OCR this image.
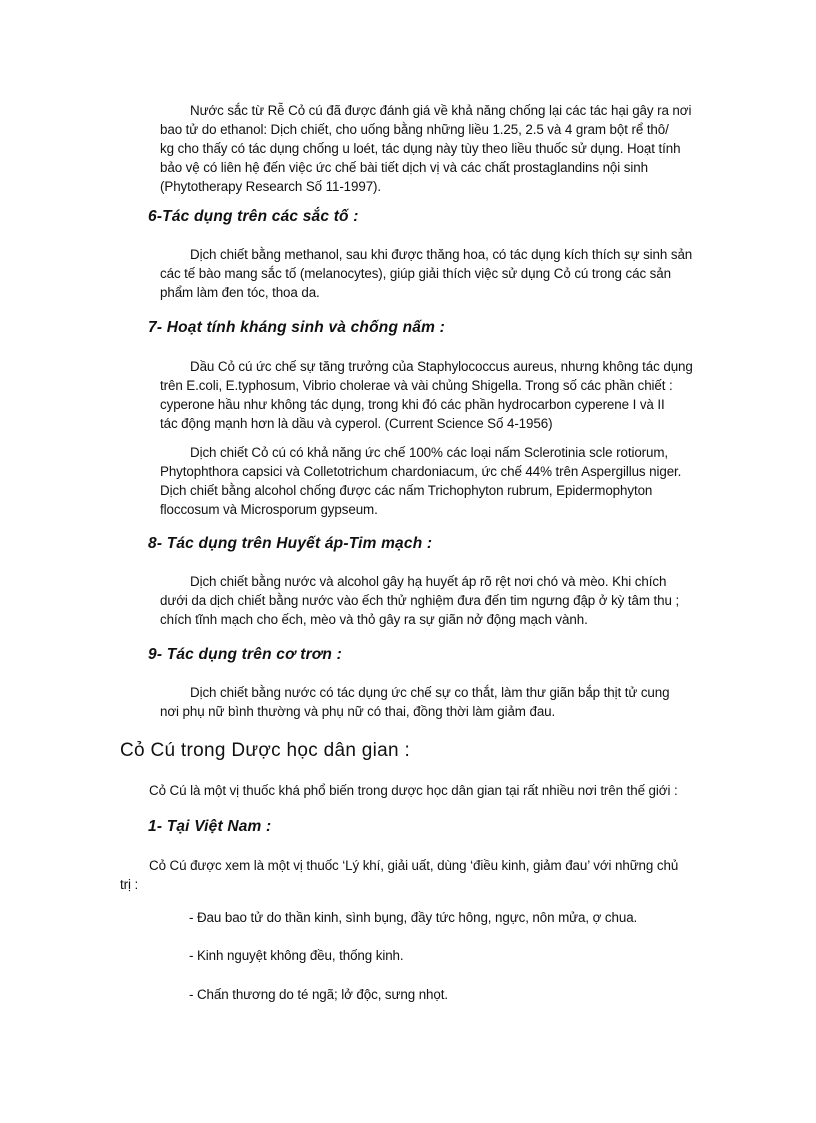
Nước sắc từ Rễ Cỏ cú đã được đánh giá về khả năng chống lại các tác hại gây ra nơi
bao tử do ethanol: Dịch chiết, cho uống bằng những liều 1.25, 2.5 và 4 gram bột rể thô/
kg cho thấy có tác dụng chống u loét, tác dụng này tùy theo liều thuốc sử dụng. Hoạt tính
bảo vệ có liên hệ đến việc ức chế bài tiết dịch vị và các chất prostaglandins nội sinh
(Phytotherapy Research Số 11-1997).
6-Tác dụng trên các sắc tố :
Dịch chiết bằng methanol, sau khi được thăng hoa, có tác dụng kích thích sự sinh sản
các tế bào mang sắc tố (melanocytes), giúp giải thích việc sử dụng Cỏ cú trong các sản
phẩm làm đen tóc, thoa da.
7- Hoạt tính kháng sinh và chống nấm :
Dầu Cỏ cú ức chế sự tăng trưởng của Staphylococcus aureus, nhưng không tác dụng
trên E.coli, E.typhosum, Vibrio cholerae và vài chủng Shigella. Trong số các phần chiết :
cyperone hầu như không tác dụng, trong khi đó các phần hydrocarbon cyperene I và II
tác động mạnh hơn là dầu và cyperol. (Current Science Số 4-1956)
Dịch chiết Cỏ cú có khả năng ức chế 100% các loại nấm Sclerotinia scle rotiorum,
Phytophthora capsici và Colletotrichum chardoniacum, ức chế 44% trên Aspergillus niger.
Dịch chiết bằng alcohol chống được các nấm Trichophyton rubrum, Epidermophyton
floccosum và Microsporum gypseum.
8- Tác dụng trên Huyết áp-Tim mạch :
Dịch chiết bằng nước và alcohol gây hạ huyết áp rõ rệt nơi chó và mèo. Khi chích
dưới da dịch chiết bằng nước vào ếch thử nghiệm đưa đến tim ngưng đập ở kỳ tâm thu ;
chích tĩnh mạch cho ếch, mèo và thỏ gây ra sự giãn nở động mạch vành.
9- Tác dụng trên cơ trơn :
Dịch chiết bằng nước có tác dụng ức chế sự co thắt, làm thư giãn bắp thịt tử cung
nơi phụ nữ bình thường và phụ nữ có thai, đồng thời làm giảm đau.
Cỏ Cú trong Dược học dân gian :
Cỏ Cú là một vị thuốc khá phổ biến trong dược học dân gian tại rất nhiều nơi trên thế giới :
1- Tại Việt Nam :
Cỏ Cú được xem là một vị thuốc ‘Lý khí, giải uất, dùng ‘điều kinh, giảm đau’ với những chủ
trị :
- Đau bao tử do thần kinh, sình bụng, đầy tức hông, ngực, nôn mửa, ợ chua.
- Kinh nguyệt không đều, thống kinh.
- Chấn thương do té ngã; lở độc, sưng nhọt.
